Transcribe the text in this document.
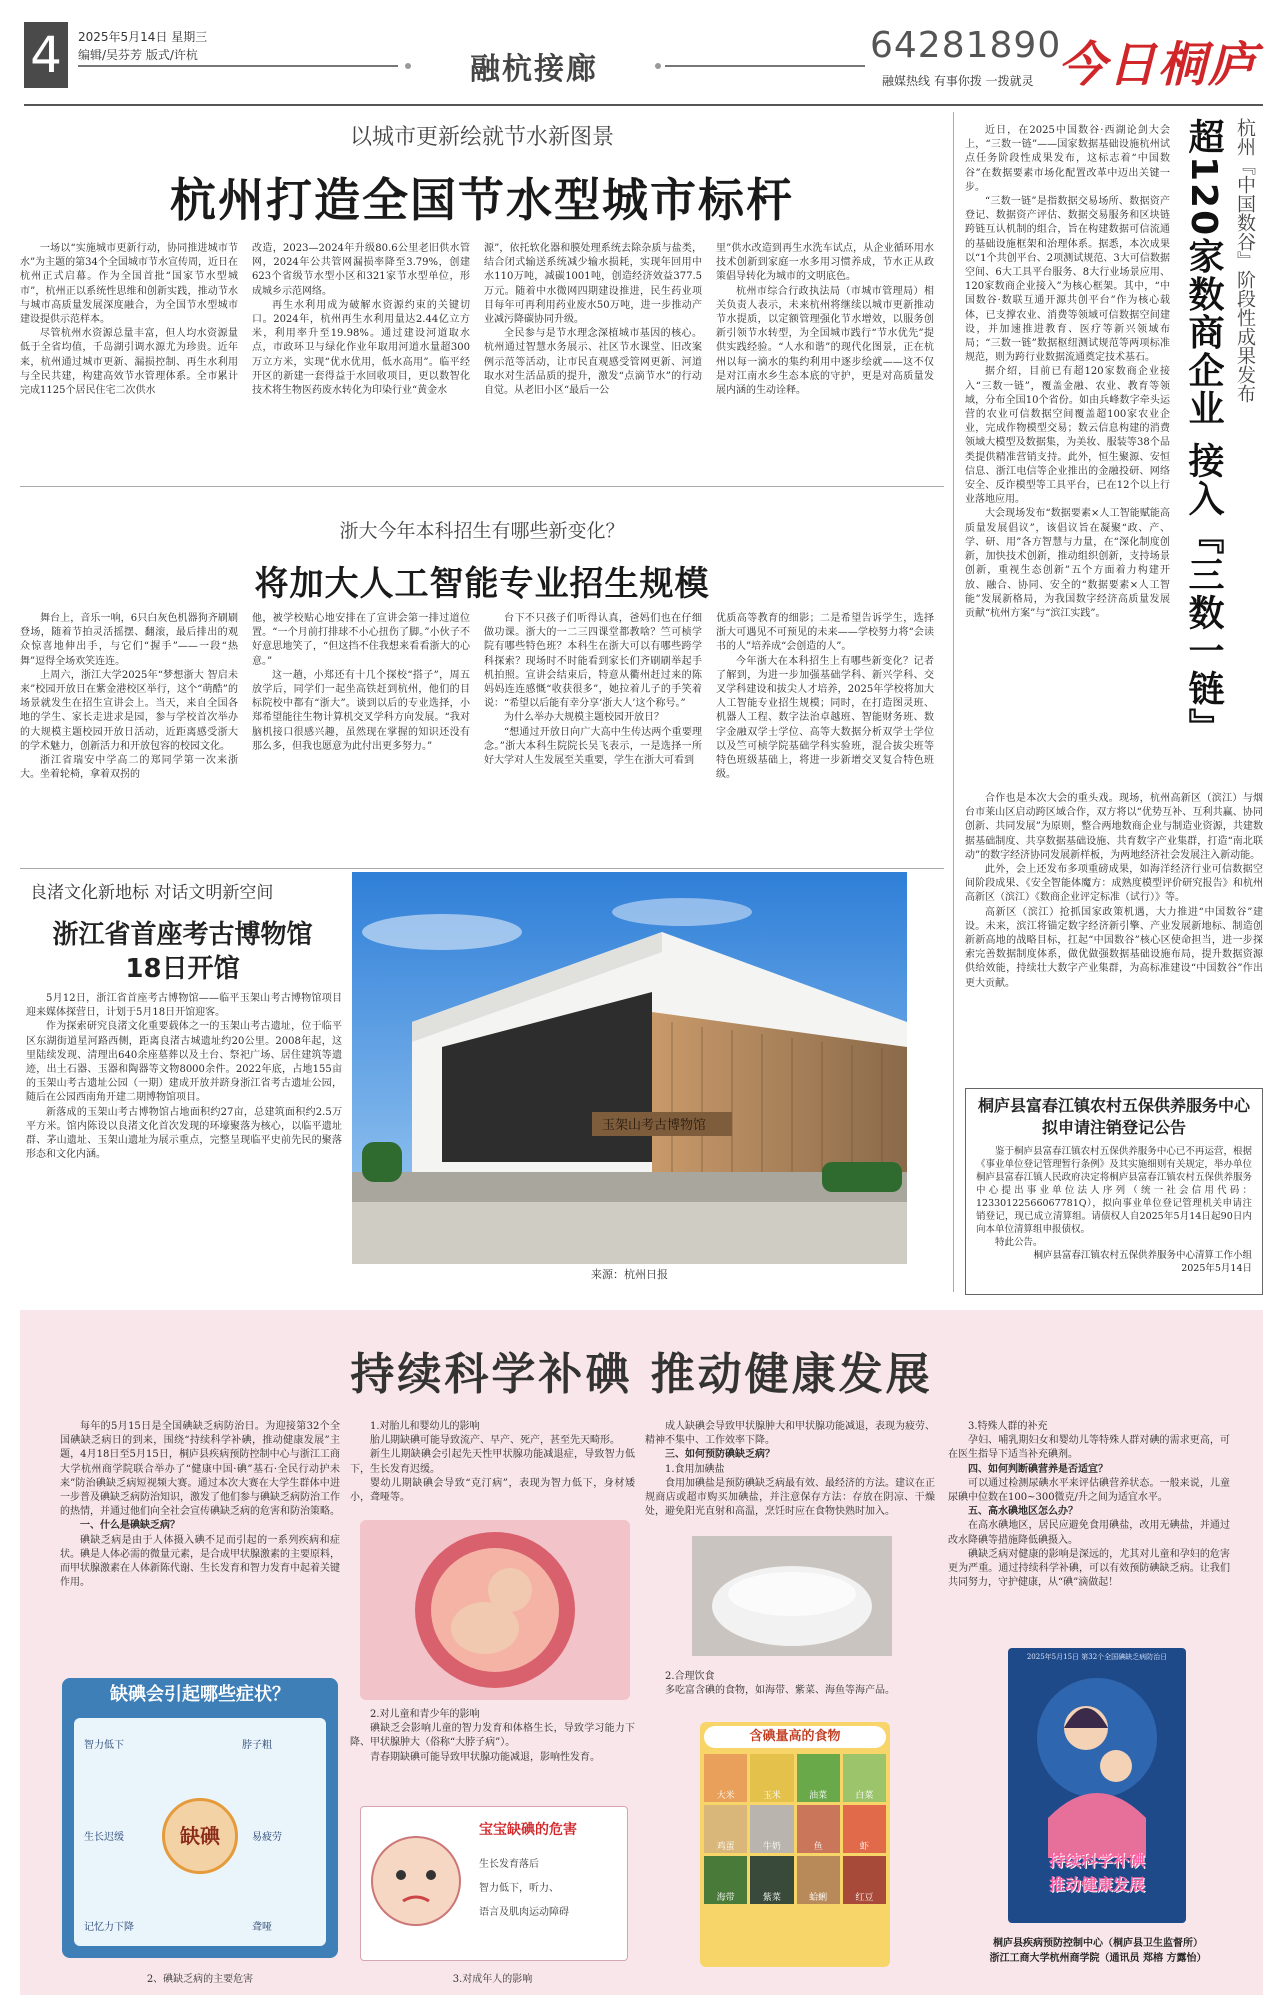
4	2025年5月14日 星期三
编辑/吴芬芳 版式/许杭	融杭接廊
64281890
融媒热线 有事你拨 一拨就灵 今日桐庐
以城市更新绘就节水新图景
杭州打造全国节水型城市标杆

一场以“实施城市更新行动，协同推进城市节水”为主题的第34个全国城市节水宣传周，近日在杭州正式启幕。作为全国首批“国家节水型城市”，杭州正以系统性思维和创新实践，推动节水与城市高质量发展深度融合，为全国节水型城市建设提供示范样本。

尽管杭州水资源总量丰富，但人均水资源量低于全省均值，千岛湖引调水源尤为珍贵。近年来，杭州通过城市更新、漏损控制、再生水利用与全民共建，构建高效节水管理体系。全市累计完成1125个居民住宅二次供水

改造，2023—2024年升级80.6公里老旧供水管网，2024年公共管网漏损率降至3.79%，创建623个省级节水型小区和321家节水型单位，形成城乡示范网络。

再生水利用成为破解水资源约束的关键切口。2024年，杭州再生水利用量达2.44亿立方米，利用率升至19.98%。通过建设河道取水点，市政环卫与绿化作业年取用河道水量超300万立方米，实现“优水优用，低水高用”。临平经开区的新建一套得益于水回收项目，更以数智化技术将生物医药废水转化为印染行业“黄金水

源”，依托软化器和膜处理系统去除杂质与盐类，结合闭式输送系统减少输水损耗，实现年回用中水110万吨，减碳1001吨，创造经济效益377.5万元。随着中水微网四期建设推进，民生药业项目每年可再利用药业废水50万吨，进一步推动产业减污降碳协同升级。

全民参与是节水理念深植城市基因的核心。杭州通过智慧水务展示、社区节水课堂、旧改案例示范等活动，让市民直观感受管网更新、河道取水对生活品质的提升，激发“点滴节水”的行动自觉。从老旧小区“最后一公

里”供水改造到再生水洗车试点，从企业循环用水技术创新到家庭一水多用习惯养成，节水正从政策倡导转化为城市的文明底色。

杭州市综合行政执法局（市城市管理局）相关负责人表示，未来杭州将继续以城市更新推动节水提质，以定额管理强化节水增效，以服务创新引领节水转型，为全国城市践行“节水优先”提供实践经验。“人水和谐”的现代化图景，正在杭州以每一滴水的集约利用中逐步绘就——这不仅是对江南水乡生态本底的守护，更是对高质量发展内涵的生动诠释。

浙大今年本科招生有哪些新变化？
将加大人工智能专业招生规模

舞台上，音乐一响，6只白灰色机器狗齐刷刷登场，随着节拍灵活摇摆、翻滚，最后排出的观众惊喜地伸出手，与它们“握手”——一段“热舞”逗得全场欢笑连连。

上周六，浙江大学2025年“梦想浙大 智启未来”校园开放日在紫金港校区举行，这个“萌酷”的场景就发生在招生宣讲会上。当天，来自全国各地的学生、家长走进求是园，参与学校首次举办的大规模主题校园开放日活动，近距离感受浙大的学术魅力，创新活力和开放包容的校园文化。

浙江省瑞安中学高二的郑同学第一次来浙大。坐着轮椅，拿着双拐的

他，被学校贴心地安排在了宣讲会第一排过道位置。“一个月前打排球不小心扭伤了脚。”小伙子不好意思地笑了，“但这挡不住我想来看看浙大的心意。”

这一趟，小郑还有十几个探校“搭子”，周五放学后，同学们一起坐高铁赶到杭州，他们的目标院校中都有“浙大”。谈到以后的专业选择，小郑希望能往生物计算机交叉学科方向发展。“我对脑机接口很感兴趣，虽然现在掌握的知识还没有那么多，但我也愿意为此付出更多努力。”

台下不只孩子们听得认真，爸妈们也在仔细做功课。浙大的一二三四课堂都教啥？竺可桢学院有哪些特色班？本科生在浙大可以有哪些跨学科探索？现场时不时能看到家长们齐刷刷举起手机拍照。宣讲会结束后，特意从衢州赶过来的陈妈妈连连感慨“收获很多”，她拉着儿子的手笑着说：“希望以后能有幸分享‘浙大人’这个称号。”

为什么举办大规模主题校园开放日？

“想通过开放日向广大高中生传达两个重要理念。”浙大本科生院院长吴飞表示，一是选择一所好大学对人生发展至关重要，学生在浙大可看到

优质高等教育的细影；二是希望告诉学生，选择浙大可遇见不可预见的未来——学校努力将“会读书的人”培养成“会创造的人”。

今年浙大在本科招生上有哪些新变化？记者了解到，为进一步加强基础学科、新兴学科、交叉学科建设和拔尖人才培养，2025年学校将加大人工智能专业招生规模；同时，在打造图灵班、机器人工程、数字法治卓越班、智能财务班、数字金融双学士学位、高等大数据分析双学士学位以及竺可桢学院基础学科实验班，混合拔尖班等特色班级基础上，将进一步新增交叉复合特色班级。

良渚文化新地标 对话文明新空间
浙江省首座考古博物馆
18日开馆

5月12日，浙江省首座考古博物馆——临平玉架山考古博物馆项目迎来媒体探营日，计划于5月18日开馆迎客。

作为探索研究良渚文化重要载体之一的玉架山考古遗址，位于临平区东湖街道星河路西侧，距离良渚古城遗址约20公里。2008年起，这里陆续发现、清理出640余座墓葬以及土台、祭祀广场、居住建筑等遗迹，出土石器、玉器和陶器等文物8000余件。2022年底，占地155亩的玉架山考古遗址公园（一期）建成开放并跻身浙江省考古遗址公园，随后在公园西南角开建二期博物馆项目。

新落成的玉架山考古博物馆占地面积约27亩，总建筑面积约2.5万平方米。馆内陈设以良渚文化首次发现的环壕聚落为核心，以临平遗址群、茅山遗址、玉架山遗址为展示重点，完整呈现临平史前先民的聚落形态和文化内涵。

玉架山考古博物馆
来源：杭州日报
杭州『中国数谷』阶段性成果发布
超120家数商企业 接入『三数一链』

近日，在2025中国数谷·西湖论剑大会上，“三数一链”——国家数据基础设施杭州试点任务阶段性成果发布，这标志着“中国数谷”在数据要素市场化配置改革中迈出关键一步。

“三数一链”是指数据交易场所、数据资产登记、数据资产评估、数据交易服务和区块链跨链互认机制的组合，旨在构建数据可信流通的基础设施框架和治理体系。据悉，本次成果以“1个共创平台、2项测试规范、3大可信数据空间、6大工具平台服务、8大行业场景应用、120家数商企业接入”为核心框架。其中，“中国数谷·数联互通开源共创平台”作为核心载体，已支撑农业、消费等领域可信数据空间建设，并加速推进教育、医疗等新兴领域布局；“三数一链”数据枢纽测试规范等两项标准规范，则为跨行业数据流通奠定技术基石。

据介绍，目前已有超120家数商企业接入“三数一链”，覆盖金融、农业、教育等领域，分布全国10个省份。如由兵峰数字牵头运营的农业可信数据空间覆盖超100家农业企业，完成作物模型交易；数云信息构建的消费领域大模型及数据集，为美妆、服装等38个品类提供精准营销支持。此外，恒生聚源、安恒信息、浙江电信等企业推出的金融投研、网络安全、反诈模型等工具平台，已在12个以上行业落地应用。

大会现场发布“数据要素×人工智能赋能高质量发展倡议”，该倡议旨在凝聚“政、产、学、研、用”各方智慧与力量，在“深化制度创新，加快技术创新，推动组织创新，支持场景创新，重视生态创新”五个方面着力构建开放、融合、协同、安全的“数据要素×人工智能”发展新格局，为我国数字经济高质量发展贡献“杭州方案”与“滨江实践”。

合作也是本次大会的重头戏。现场，杭州高新区（滨江）与烟台市莱山区启动跨区域合作，双方将以“优势互补、互利共赢、协同创新、共同发展”为原则，整合两地数商企业与制造业资源，共建数据基础制度、共享数据基础设施、共育数字产业集群，打造“南北联动”的数字经济协同发展新样板，为两地经济社会发展注入新动能。

此外，会上还发布多项重磅成果，如海洋经济行业可信数据空间阶段成果、《安全智能体魔方：成熟度模型评价研究报告》和杭州高新区（滨江）《数商企业评定标准（试行）》等。

高新区（滨江）抢抓国家政策机遇，大力推进“中国数谷”建设。未来，滨江将锚定数字经济新引擎、产业发展新地标、制造创新新高地的战略目标，扛起“中国数谷”核心区使命担当，进一步探索完善数据制度体系，做优做强数据基础设施布局，提升数据资源供给效能，持续壮大数字产业集群，为高标准建设“中国数谷”作出更大贡献。

桐庐县富春江镇农村五保供养服务中心
拟申请注销登记公告

鉴于桐庐县富春江镇农村五保供养服务中心已不再运营，根据《事业单位登记管理暂行条例》及其实施细则有关规定，举办单位桐庐县富春江镇人民政府决定将桐庐县富春江镇农村五保供养服务中心提出事业单位法人序列（统一社会信用代码：12330122566067781Q），拟向事业单位登记管理机关申请注销登记，现已成立清算组。请债权人自2025年5月14日起90日内向本单位清算组申报债权。

特此公告。

桐庐县富春江镇农村五保供养服务中心清算工作小组
2025年5月14日
持续科学补碘 推动健康发展

每年的5月15日是全国碘缺乏病防治日。为迎接第32个全国碘缺乏病日的到来，围绕“持续科学补碘，推动健康发展”主题，4月18日至5月15日，桐庐县疾病预防控制中心与浙江工商大学杭州商学院联合举办了“健康中国·碘”基石·全民行动护未来”防治碘缺乏病短视频大赛。通过本次大赛在大学生群体中进一步普及碘缺乏病防治知识，激发了他们参与碘缺乏病防治工作的热情，并通过他们向全社会宣传碘缺乏病的危害和防治策略。

一、什么是碘缺乏病？

碘缺乏病是由于人体摄入碘不足而引起的一系列疾病和症状。碘是人体必需的微量元素，是合成甲状腺激素的主要原料，而甲状腺激素在人体新陈代谢、生长发育和智力发育中起着关键作用。

缺碘会引起哪些症状？
缺碘
智力低下	脖子粗
生长迟缓	易疲劳
记忆力下降	聋哑
2、碘缺乏病的主要危害

1.对胎儿和婴幼儿的影响

胎儿期缺碘可能导致流产、早产、死产，甚至先天畸形。

新生儿期缺碘会引起先天性甲状腺功能减退症，导致智力低下，生长发育迟缓。

婴幼儿期缺碘会导致“克汀病”，表现为智力低下，身材矮小，聋哑等。

2.对儿童和青少年的影响

碘缺乏会影响儿童的智力发育和体格生长，导致学习能力下降、甲状腺肿大（俗称“大脖子病”）。

青春期缺碘可能导致甲状腺功能减退，影响性发育。

宝宝缺碘的危害
生长发育落后
智力低下，听力、
语言及肌肉运动障碍
3.对成年人的影响

成人缺碘会导致甲状腺肿大和甲状腺功能减退，表现为疲劳、精神不集中、工作效率下降。

三、如何预防碘缺乏病？

1.食用加碘盐

食用加碘盐是预防碘缺乏病最有效、最经济的方法。建议在正规商店或超市购买加碘盐，并注意保存方法：存放在阴凉、干燥处，避免阳光直射和高温，烹饪时应在食物快熟时加入。

2.合理饮食

多吃富含碘的食物，如海带、紫菜、海鱼等海产品。

含碘量高的食物
大米	玉米	油菜	白菜
鸡蛋	牛奶	鱼	虾
海带	紫菜	蛤蜊	红豆

3.特殊人群的补充

孕妇、哺乳期妇女和婴幼儿等特殊人群对碘的需求更高，可在医生指导下适当补充碘剂。

四、如何判断碘营养是否适宜？

可以通过检测尿碘水平来评估碘营养状态。一般来说，儿童尿碘中位数在100~300微克/升之间为适宜水平。

五、高水碘地区怎么办？

在高水碘地区，居民应避免食用碘盐，改用无碘盐，并通过改水降碘等措施降低碘摄入。

碘缺乏病对健康的影响是深远的，尤其对儿童和孕妇的危害更为严重。通过持续科学补碘，可以有效预防碘缺乏病。让我们共同努力，守护健康，从“碘”滴做起！

2025年5月15日 第32个全国碘缺乏病防治日
持续科学补碘
推动健康发展
桐庐县疾病预防控制中心（桐庐县卫生监督所）
浙江工商大学杭州商学院（通讯员 郑榕 方露怡）
